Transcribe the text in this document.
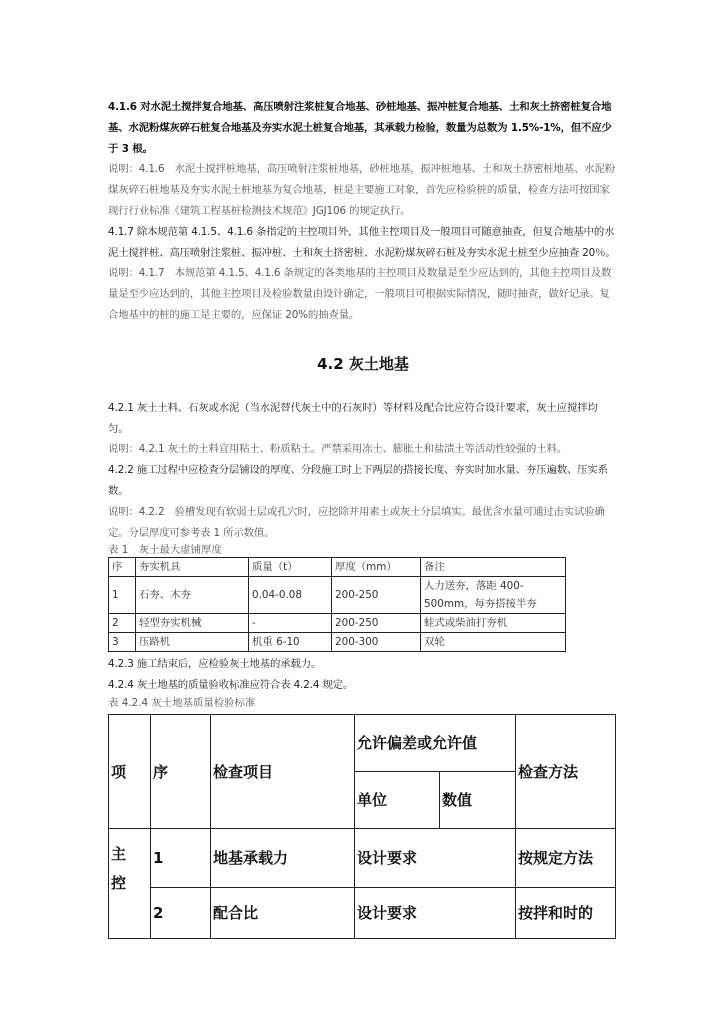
4.1.6 对水泥土搅拌复合地基、高压喷射注浆桩复合地基、砂桩地基、振冲桩复合地基、土和灰土挤密桩复合地基、水泥粉煤灰碎石桩复合地基及夯实水泥土桩复合地基，其承载力检验，数量为总数为 1.5%-1%，但不应少于 3 根。

说明：4.1.6　水泥土搅拌桩地基，高压喷射注浆桩地基，砂桩地基，振冲桩地基、土和灰土挤密桩地基、水泥粉煤灰碎石桩地基及夯实水泥土桩地基为复合地基，桩是主要施工对象，首先应检验桩的质量，检查方法可按国家现行行业标准《建筑工程基桩检测技术规范》JGJ106 的规定执行。

4.1.7 除本规范第 4.1.5、4.1.6 条指定的主控项目外，其他主控项目及一般项目可随意抽查，但复合地基中的水泥土搅拌桩、高压喷射注浆桩、振冲桩、土和灰土挤密桩、水泥粉煤灰碎石桩及夯实水泥土桩至少应抽查 20％。

说明：4.1.7　本规范第 4.1.5、4.1.6 条规定的各类地基的主控项目及数量是至少应达到的，其他主控项目及数量是至少应达到的，其他主控项目及检验数量由设计确定，一般项目可根据实际情况，随时抽查，做好记录。复合地基中的桩的施工是主要的，应保证 20%的抽查量。

4.2 灰土地基

4.2.1 灰土土料、石灰或水泥（当水泥替代灰土中的石灰时）等材料及配合比应符合设计要求，灰土应搅拌均匀。

说明：4.2.1 灰土的土料宜用粘土、粉质粘土。严禁采用冻土、膨胀土和盐渍土等活动性较强的土料。

4.2.2 施工过程中应检查分层铺设的厚度、分段施工时上下两层的搭接长度、夯实时加水量、夯压遍数、压实系数。

说明：4.2.2　验槽发现有软弱土层或孔穴时，应挖除并用素土或灰土分层填实。最优含水量可通过击实试验确定。分层厚度可参考表 1 所示数值。

表 1　灰土最大虚铺厚度
序	夯实机具	质量（t）	厚度（mm）	备注
1	石夯、木夯	0.04-0.08	200-250	人力送夯，落距 400-
500mm，每夯搭接半夯

2	轻型夯实机械	-	200-250	蛙式或柴油打夯机
3	压路机	机重 6-10	200-300	双轮

4.2.3 施工结束后，应检验灰土地基的承载力。

4.2.4 灰土地基的质量验收标准应符合表 4.2.4 规定。

表 4.2.4 灰土地基质量检验标准
项	序	检查项目	允许偏差或允许值		检查方法
			单位	数值	

主
控	1	地基承载力	设计要求		按规定方法
	2	配合比	设计要求		按拌和时的
